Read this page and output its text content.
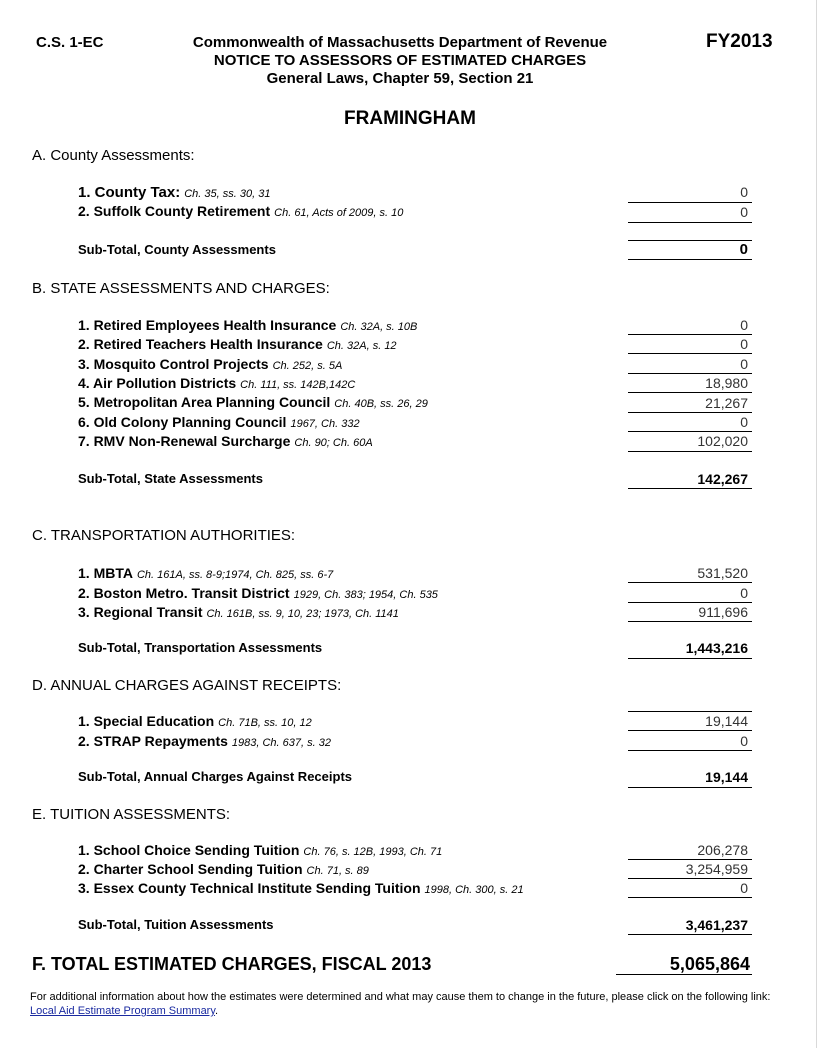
C.S. 1-EC	Commonwealth of Massachusetts Department of Revenue
NOTICE TO ASSESSORS OF ESTIMATED CHARGES
General Laws, Chapter 59, Section 21
FY2013
FRAMINGHAM
A. County Assessments:
1. County Tax: Ch. 35, ss. 30, 31	0
2. Suffolk County Retirement Ch. 61, Acts of 2009, s. 10	0
Sub-Total, County Assessments	0
B. STATE ASSESSMENTS AND CHARGES:
1. Retired Employees Health Insurance Ch. 32A, s. 10B	0
2. Retired Teachers Health Insurance Ch. 32A, s. 12	0
3. Mosquito Control Projects Ch. 252, s. 5A	0
4. Air Pollution Districts Ch. 111, ss. 142B,142C	18,980
5. Metropolitan Area Planning Council Ch. 40B, ss. 26, 29	21,267
6. Old Colony Planning Council 1967, Ch. 332	0
7. RMV Non-Renewal Surcharge Ch. 90; Ch. 60A	102,020
Sub-Total, State Assessments	142,267
C. TRANSPORTATION AUTHORITIES:
1. MBTA Ch. 161A, ss. 8-9;1974, Ch. 825, ss. 6-7	531,520
2. Boston Metro. Transit District 1929, Ch. 383; 1954, Ch. 535	0
3. Regional Transit Ch. 161B, ss. 9, 10, 23; 1973, Ch. 1141	911,696
Sub-Total, Transportation Assessments	1,443,216
D. ANNUAL CHARGES AGAINST RECEIPTS:
1. Special Education Ch. 71B, ss. 10, 12	19,144
2. STRAP Repayments 1983, Ch. 637, s. 32	0
Sub-Total, Annual Charges Against Receipts	19,144
E. TUITION ASSESSMENTS:
1. School Choice Sending Tuition Ch. 76, s. 12B, 1993, Ch. 71	206,278
2. Charter School Sending Tuition Ch. 71, s. 89	3,254,959
3. Essex County Technical Institute Sending Tuition 1998, Ch. 300, s. 21	0
Sub-Total, Tuition Assessments	3,461,237
F. TOTAL ESTIMATED CHARGES, FISCAL 2013	5,065,864
For additional information about how the estimates were determined and what may cause them to change in the future, please click on the following link: Local Aid Estimate Program Summary.
